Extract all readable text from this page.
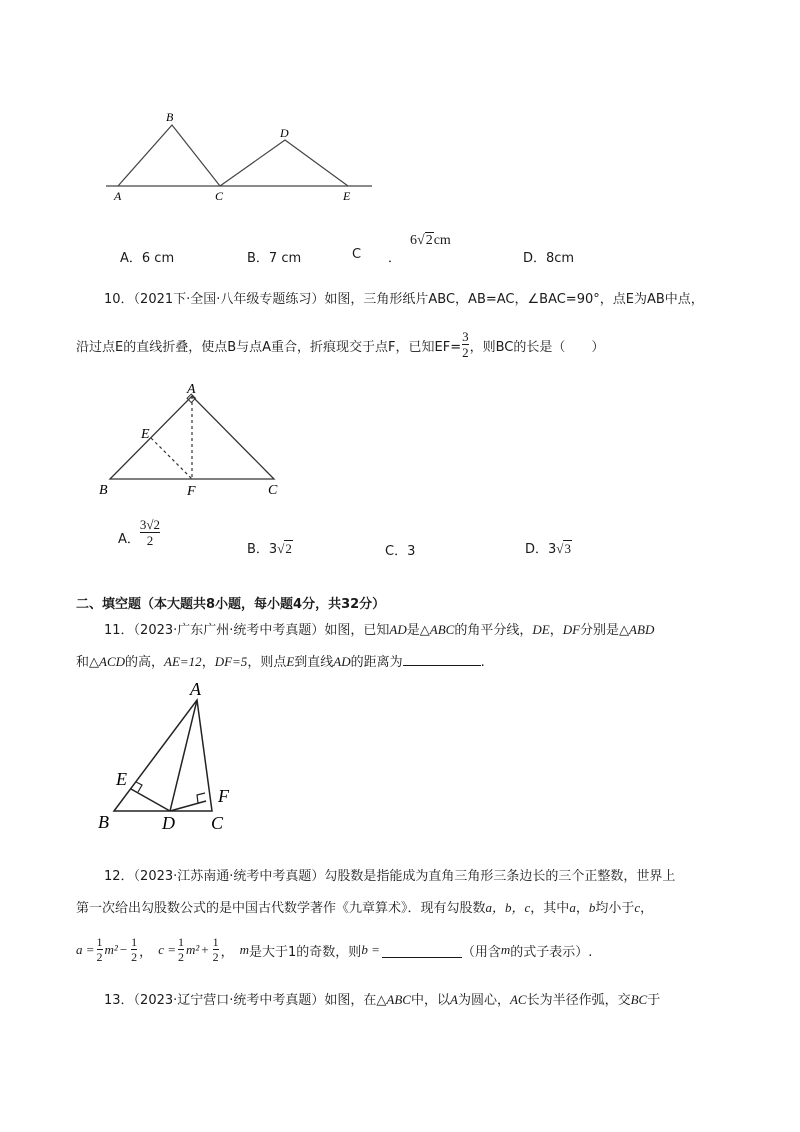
A
B
C
D
E
A．6 cm	B．7 cm	C ．
6√2cm
D．8cm
10．（2021下·全国·八年级专题练习）如图，三角形纸片ABC，AB=AC，∠BAC=90°，点E为AB中点，
沿过点E的直线折叠，使点B与点A重合，折痕现交于点F，已知$EF= \frac{3}{2}$ ，则BC的长是（　　）
A
B	C
E
F
A． $\frac{3√2}{2}$
B．3√2	C．3	D．3√3
二、填空题（本大题共8小题，每小题4分，共32分）
11．（2023·广东广州·统考中考真题）如图，已知AD是△ABC的角平分线，DE，DF分别是△ABD
和△ACD的高，AE=12，DF=5，则点E到直线AD的距离为	.
A
B	C
D
E
F
12．（2023·江苏南通·统考中考真题）勾股数是指能成为直角三角形三条边长的三个正整数，世界上
第一次给出勾股数公式的是中国古代数学著作《九章算术》．现有勾股数a，b，c，其中a，b均小于c，
$a = \frac{1}{2} m^2 - \frac{1}{2}$ ， $c = \frac{1}{2} m^2 + \frac{1}{2}$ ， m 是大于1的奇数，则 b =	（用含 m 的式子表示）.
13．（2023·辽宁营口·统考中考真题）如图，在△ABC中，以A为圆心，AC长为半径作弧，交BC于
